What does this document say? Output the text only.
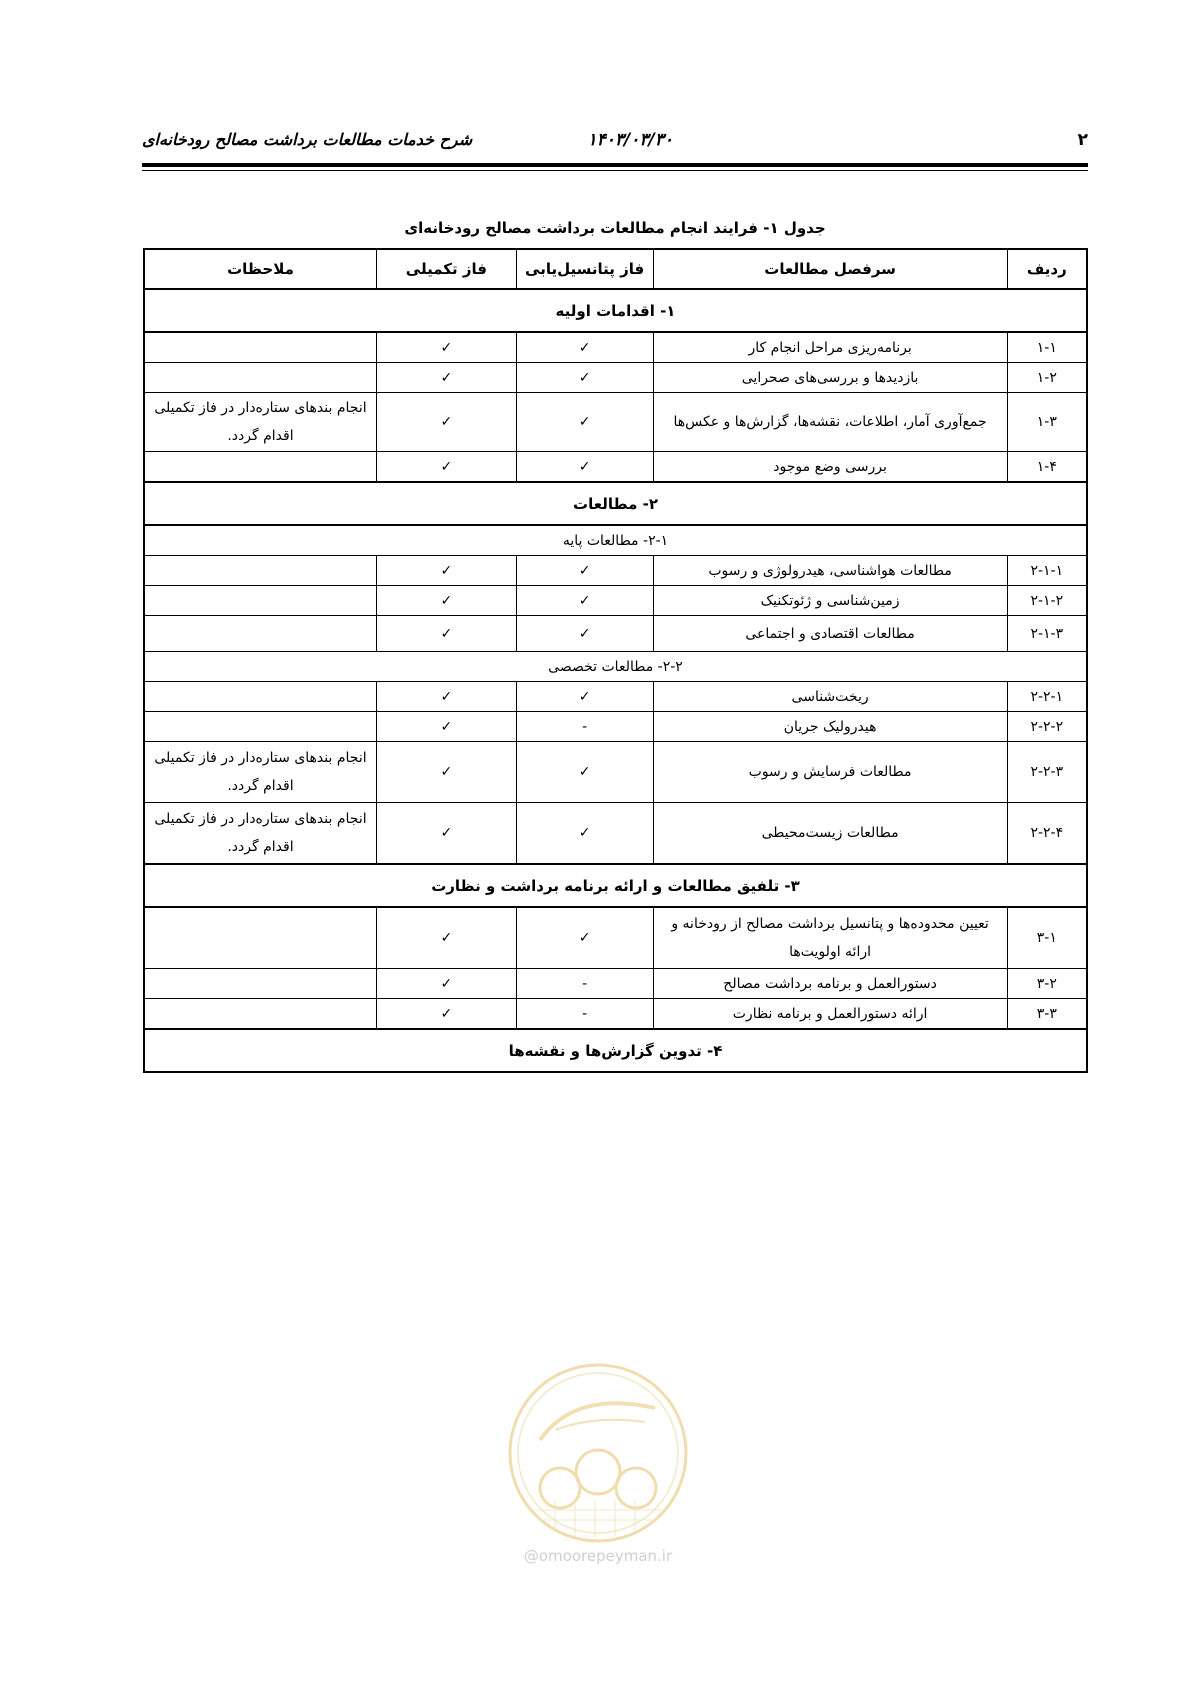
۲
۱۴۰۳/۰۳/۳۰
شرح خدمات مطالعات برداشت مصالح رودخانه‌ای
جدول ۱- فرایند انجام مطالعات برداشت مصالح رودخانه‌ای
ردیف	سرفصل مطالعات	فاز پتانسیل‌یابی	فاز تکمیلی	ملاحظات
۱- اقدامات اولیه				
۱-۱	برنامه‌ریزی مراحل انجام کار	✓	✓	
۱-۲	بازدیدها و بررسی‌های صحرایی	✓	✓	
۱-۳	جمع‌آوری آمار، اطلاعات، نقشه‌ها، گزارش‌ها و عکس‌ها	✓	✓	انجام بندهای ستاره‌دار در فاز تکمیلی اقدام گردد.
۱-۴	بررسی وضع موجود	✓	✓	
۲- مطالعات				
۲-۱- مطالعات پایه				
۲-۱-۱	مطالعات هواشناسی، هیدرولوژی و رسوب	✓	✓	
۲-۱-۲	زمین‌شناسی و ژئوتکنیک	✓	✓	
۲-۱-۳	مطالعات اقتصادی و اجتماعی	✓	✓	
۲-۲- مطالعات تخصصی				
۲-۲-۱	ریخت‌شناسی	✓	✓	
۲-۲-۲	هیدرولیک جریان	-	✓	
۲-۲-۳	مطالعات فرسایش و رسوب	✓	✓	انجام بندهای ستاره‌دار در فاز تکمیلی اقدام گردد.
۲-۲-۴	مطالعات زیست‌محیطی	✓	✓	انجام بندهای ستاره‌دار در فاز تکمیلی اقدام گردد.
۳- تلفیق مطالعات و ارائه برنامه برداشت و نظارت				
۳-۱	تعیین محدوده‌ها و پتانسیل برداشت مصالح از رودخانه و ارائه اولویت‌ها	✓	✓	
۳-۲	دستورالعمل و برنامه برداشت مصالح	-	✓	
۳-۳	ارائه دستورالعمل و برنامه نظارت	-	✓	
۴- تدوین گزارش‌ها و نقشه‌ها				
@omoorepeyman.ir
